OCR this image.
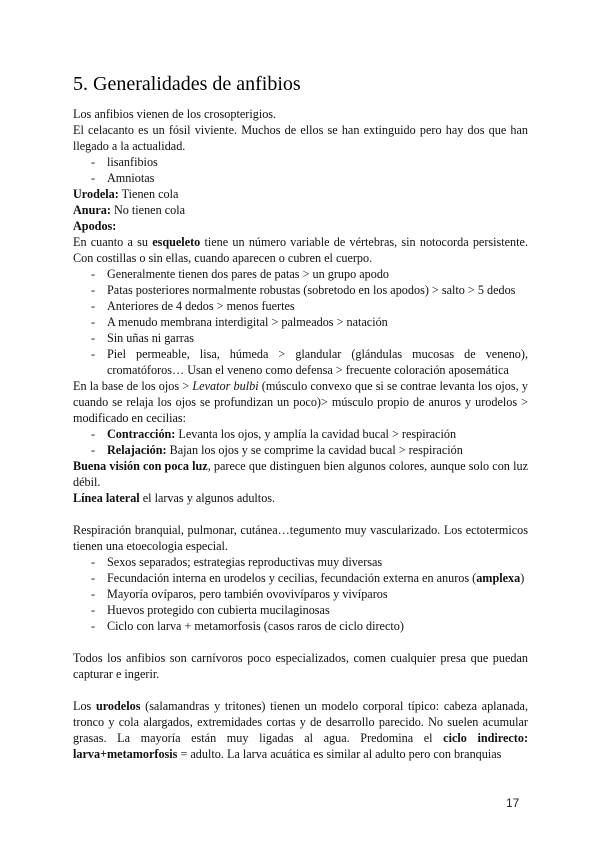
5. Generalidades de anfibios

Los anfibios vienen de los crosopterigios.

El celacanto es un fósil viviente. Muchos de ellos se han extinguido pero hay dos que han llegado a la actualidad.

- lisanfibios
- Amniotas

Urodela: Tienen cola

Anura: No tienen cola

Apodos:

En cuanto a su esqueleto tiene un número variable de vértebras, sin notocorda persistente. Con costillas o sin ellas, cuando aparecen o cubren el cuerpo.

- Generalmente tienen dos pares de patas > un grupo apodo
- Patas posteriores normalmente robustas (sobretodo en los apodos) > salto > 5 dedos
- Anteriores de 4 dedos > menos fuertes
- A menudo membrana interdigital > palmeados > natación
- Sin uñas ni garras
- Piel permeable, lisa, húmeda > glandular (glándulas mucosas de veneno), cromatóforos… Usan el veneno como defensa > frecuente coloración aposemática

En la base de los ojos > Levator bulbi (músculo convexo que si se contrae levanta los ojos, y cuando se relaja los ojos se profundizan un poco)> músculo propio de anuros y urodelos > modificado en cecilias:

- Contracción: Levanta los ojos, y amplía la cavidad bucal > respiración
- Relajación: Bajan los ojos y se comprime la cavidad bucal > respiración

Buena visión con poca luz, parece que distinguen bien algunos colores, aunque solo con luz débil.

Línea lateral el larvas y algunos adultos.

Respiración branquial, pulmonar, cutánea…tegumento muy vascularizado. Los ectotermicos tienen una etoecologia especial.

- Sexos separados; estrategias reproductivas muy diversas
- Fecundación interna en urodelos y cecilias, fecundación externa en anuros (amplexa)
- Mayoría ovíparos, pero también ovovivíparos y vivíparos
- Huevos protegido con cubierta mucilaginosas
- Ciclo con larva + metamorfosis (casos raros de ciclo directo)

Todos los anfibios son carnívoros poco especializados, comen cualquier presa que puedan capturar e ingerir.

Los urodelos (salamandras y tritones) tienen un modelo corporal típico: cabeza aplanada, tronco y cola alargados, extremidades cortas y de desarrollo parecido. No suelen acumular grasas. La mayoría están muy ligadas al agua. Predomina el ciclo indirecto: larva+metamorfosis = adulto. La larva acuática es similar al adulto pero con branquias

17
